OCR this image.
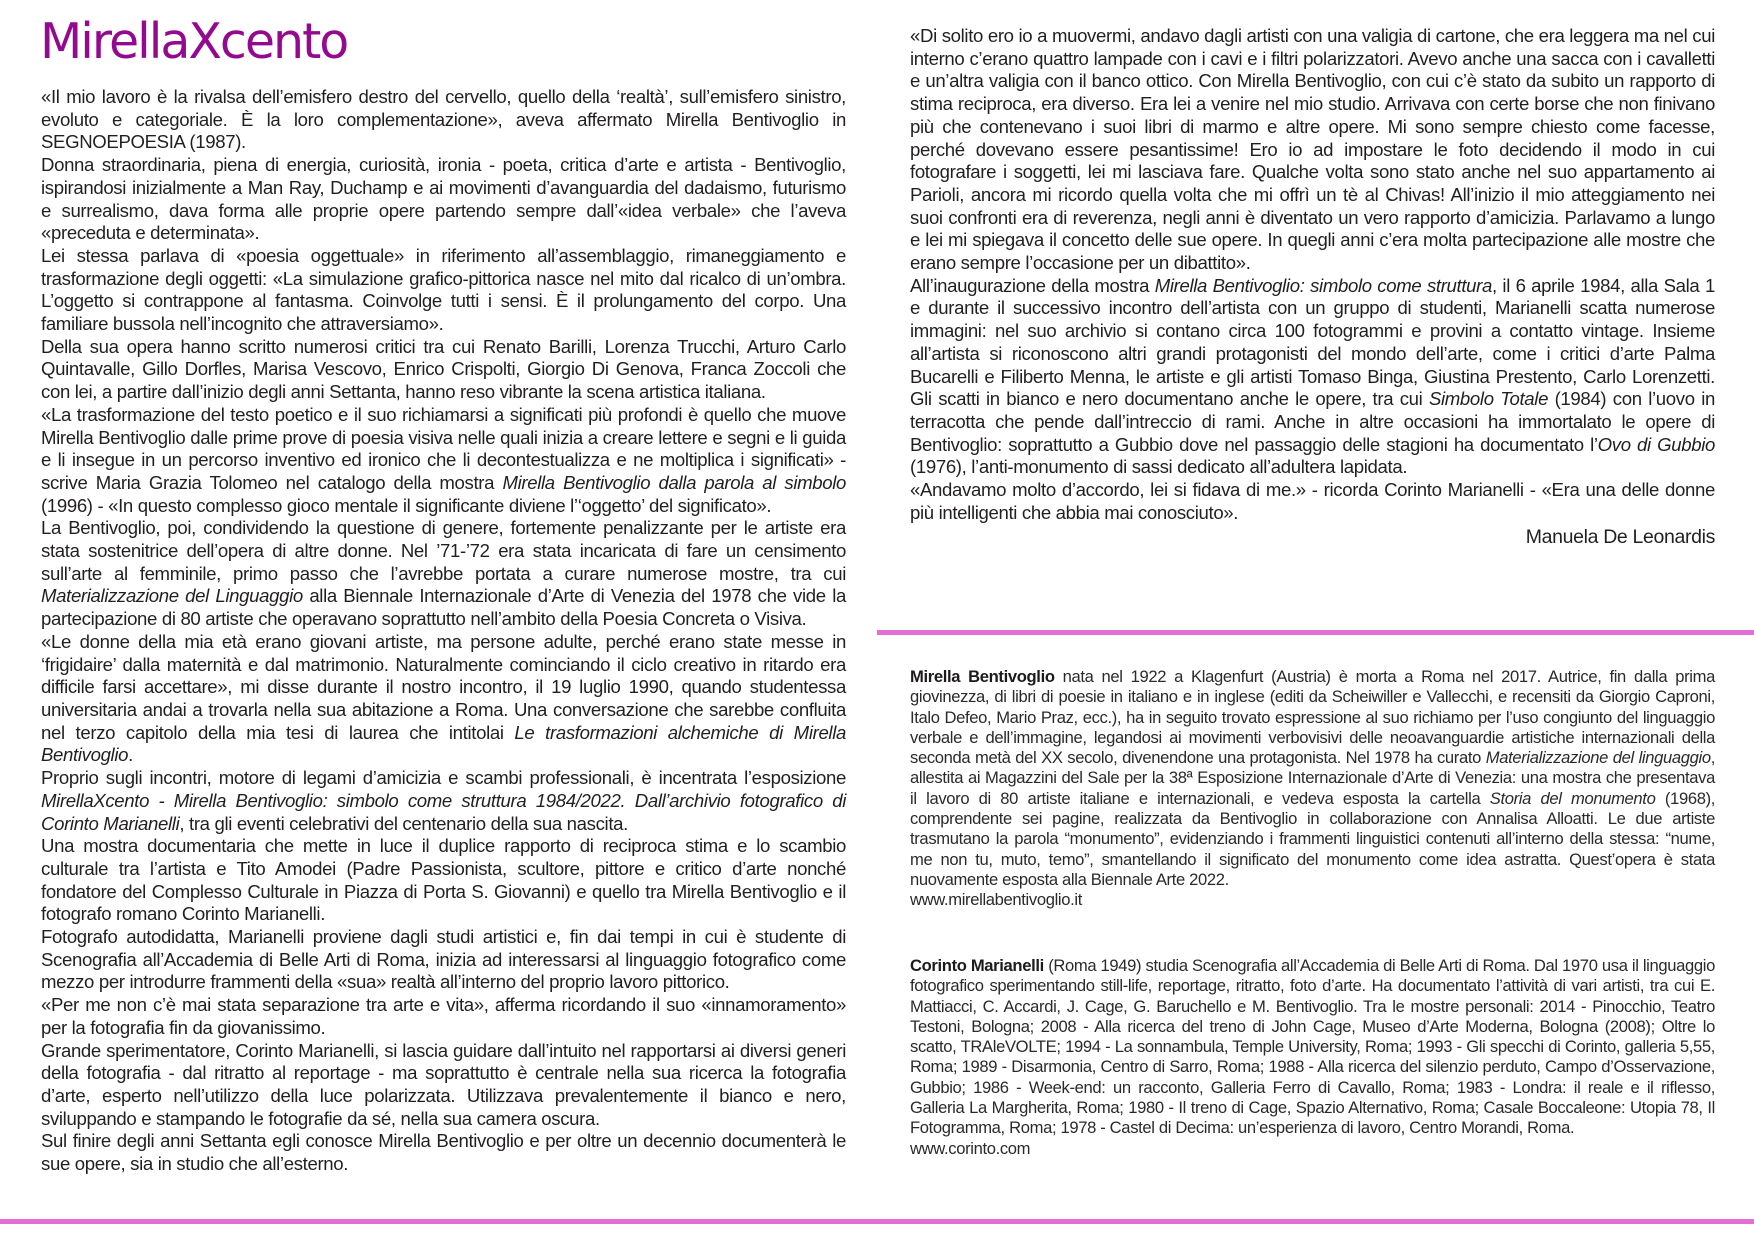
MirellaXcento

«Il mio lavoro è la rivalsa dell’emisfero destro del cervello, quello della ‘realtà’, sull’emisfero sinistro, evoluto e categoriale. È la loro complementazione», aveva affermato Mirella Bentivoglio in SEGNOEPOESIA (1987).

Donna straordinaria, piena di energia, curiosità, ironia - poeta, critica d’arte e artista - Bentivoglio, ispirandosi inizialmente a Man Ray, Duchamp e ai movimenti d’avanguardia del dadaismo, futurismo e surrealismo, dava forma alle proprie opere partendo sempre dall’«idea verbale» che l’aveva «preceduta e determinata».

Lei stessa parlava di «poesia oggettuale» in riferimento all’assemblaggio, rimaneggiamento e trasformazione degli oggetti: «La simulazione grafico-pittorica nasce nel mito dal ricalco di un’ombra. L’oggetto si contrappone al fantasma. Coinvolge tutti i sensi. È il prolungamento del corpo. Una familiare bussola nell’incognito che attraversiamo».

Della sua opera hanno scritto numerosi critici tra cui Renato Barilli, Lorenza Trucchi, Arturo Carlo Quintavalle, Gillo Dorfles, Marisa Vescovo, Enrico Crispolti, Giorgio Di Genova, Franca Zoccoli che con lei, a partire dall’inizio degli anni Settanta, hanno reso vibrante la scena artistica italiana.

«La trasformazione del testo poetico e il suo richiamarsi a significati più profondi è quello che muove Mirella Bentivoglio dalle prime prove di poesia visiva nelle quali inizia a creare lettere e segni e li guida e li insegue in un percorso inventivo ed ironico che li decontestualizza e ne moltiplica i significati» - scrive Maria Grazia Tolomeo nel catalogo della mostra Mirella Bentivoglio dalla parola al simbolo (1996) - «In questo complesso gioco mentale il significante diviene l’‘oggetto’ del significato».

La Bentivoglio, poi, condividendo la questione di genere, fortemente penalizzante per le artiste era stata sostenitrice dell’opera di altre donne. Nel ’71-’72 era stata incaricata di fare un censimento sull’arte al femminile, primo passo che l’avrebbe portata a curare numerose mostre, tra cui Materializzazione del Linguaggio alla Biennale Internazionale d’Arte di Venezia del 1978 che vide la partecipazione di 80 artiste che operavano soprattutto nell’ambito della Poesia Concreta o Visiva.

«Le donne della mia età erano giovani artiste, ma persone adulte, perché erano state messe in ‘frigidaire’ dalla maternità e dal matrimonio. Naturalmente cominciando il ciclo creativo in ritardo era difficile farsi accettare», mi disse durante il nostro incontro, il 19 luglio 1990, quando studentessa universitaria andai a trovarla nella sua abitazione a Roma. Una conversazione che sarebbe confluita nel terzo capitolo della mia tesi di laurea che intitolai Le trasformazioni alchemiche di Mirella Bentivoglio.

Proprio sugli incontri, motore di legami d’amicizia e scambi professionali, è incentrata l’esposizione MirellaXcento - Mirella Bentivoglio: simbolo come struttura 1984/2022. Dall’archivio fotografico di Corinto Marianelli, tra gli eventi celebrativi del centenario della sua nascita.

Una mostra documentaria che mette in luce il duplice rapporto di reciproca stima e lo scambio culturale tra l’artista e Tito Amodei (Padre Passionista, scultore, pittore e critico d’arte nonché fondatore del Complesso Culturale in Piazza di Porta S. Giovanni) e quello tra Mirella Bentivoglio e il fotografo romano Corinto Marianelli.

Fotografo autodidatta, Marianelli proviene dagli studi artistici e, fin dai tempi in cui è studente di Scenografia all’Accademia di Belle Arti di Roma, inizia ad interessarsi al linguaggio fotografico come mezzo per introdurre frammenti della «sua» realtà all’interno del proprio lavoro pittorico.

«Per me non c’è mai stata separazione tra arte e vita», afferma ricordando il suo «innamoramento» per la fotografia fin da giovanissimo.

Grande sperimentatore, Corinto Marianelli, si lascia guidare dall’intuito nel rapportarsi ai diversi generi della fotografia - dal ritratto al reportage - ma soprattutto è centrale nella sua ricerca la fotografia d’arte, esperto nell’utilizzo della luce polarizzata. Utilizzava prevalentemente il bianco e nero, sviluppando e stampando le fotografie da sé, nella sua camera oscura.

Sul finire degli anni Settanta egli conosce Mirella Bentivoglio e per oltre un decennio documenterà le sue opere, sia in studio che all’esterno.

«Di solito ero io a muovermi, andavo dagli artisti con una valigia di cartone, che era leggera ma nel cui interno c’erano quattro lampade con i cavi e i filtri polarizzatori. Avevo anche una sacca con i cavalletti e un’altra valigia con il banco ottico. Con Mirella Bentivoglio, con cui c’è stato da subito un rapporto di stima reciproca, era diverso. Era lei a venire nel mio studio. Arrivava con certe borse che non finivano più che contenevano i suoi libri di marmo e altre opere. Mi sono sempre chiesto come facesse, perché dovevano essere pesantissime! Ero io ad impostare le foto decidendo il modo in cui fotografare i soggetti, lei mi lasciava fare. Qualche volta sono stato anche nel suo appartamento ai Parioli, ancora mi ricordo quella volta che mi offrì un tè al Chivas! All’inizio il mio atteggiamento nei suoi confronti era di reverenza, negli anni è diventato un vero rapporto d’amicizia. Parlavamo a lungo e lei mi spiegava il concetto delle sue opere. In quegli anni c’era molta partecipazione alle mostre che erano sempre l’occasione per un dibattito».

All’inaugurazione della mostra Mirella Bentivoglio: simbolo come struttura, il 6 aprile 1984, alla Sala 1 e durante il successivo incontro dell’artista con un gruppo di studenti, Marianelli scatta numerose immagini: nel suo archivio si contano circa 100 fotogrammi e provini a contatto vintage. Insieme all’artista si riconoscono altri grandi protagonisti del mondo dell’arte, come i critici d’arte Palma Bucarelli e Filiberto Menna, le artiste e gli artisti Tomaso Binga, Giustina Prestento, Carlo Lorenzetti. Gli scatti in bianco e nero documentano anche le opere, tra cui Simbolo Totale (1984) con l’uovo in terracotta che pende dall’intreccio di rami. Anche in altre occasioni ha immortalato le opere di Bentivoglio: soprattutto a Gubbio dove nel passaggio delle stagioni ha documentato l’Ovo di Gubbio (1976), l’anti-monumento di sassi dedicato all’adultera lapidata.

«Andavamo molto d’accordo, lei si fidava di me.» - ricorda Corinto Marianelli - «Era una delle donne più intelligenti che abbia mai conosciuto».

Manuela De Leonardis

Mirella Bentivoglio nata nel 1922 a Klagenfurt (Austria) è morta a Roma nel 2017. Autrice, fin dalla prima giovinezza, di libri di poesie in italiano e in inglese (editi da Scheiwiller e Vallecchi, e recensiti da Giorgio Caproni, Italo Defeo, Mario Praz, ecc.), ha in seguito trovato espressione al suo richiamo per l’uso congiunto del linguaggio verbale e dell’immagine, legandosi ai movimenti verbovisivi delle neoavanguardie artistiche internazionali della seconda metà del XX secolo, divenendone una protagonista. Nel 1978 ha curato Materializzazione del linguaggio, allestita ai Magazzini del Sale per la 38ª Esposizione Internazionale d’Arte di Venezia: una mostra che presentava il lavoro di 80 artiste italiane e internazionali, e vedeva esposta la cartella Storia del monumento (1968), comprendente sei pagine, realizzata da Bentivoglio in collaborazione con Annalisa Alloatti. Le due artiste trasmutano la parola “monumento”, evidenziando i frammenti linguistici contenuti all’interno della stessa: “nume, me non tu, muto, temo”, smantellando il significato del monumento come idea astratta. Quest’opera è stata nuovamente esposta alla Biennale Arte 2022.

www.mirellabentivoglio.it

Corinto Marianelli (Roma 1949) studia Scenografia all’Accademia di Belle Arti di Roma. Dal 1970 usa il linguaggio fotografico sperimentando still-life, reportage, ritratto, foto d’arte. Ha documentato l’attività di vari artisti, tra cui E. Mattiacci, C. Accardi, J. Cage, G. Baruchello e M. Bentivoglio. Tra le mostre personali: 2014 - Pinocchio, Teatro Testoni, Bologna; 2008 - Alla ricerca del treno di John Cage, Museo d’Arte Moderna, Bologna (2008); Oltre lo scatto, TRAleVOLTE; 1994 - La sonnambula, Temple University, Roma; 1993 - Gli specchi di Corinto, galleria 5,55, Roma; 1989 - Disarmonia, Centro di Sarro, Roma; 1988 - Alla ricerca del silenzio perduto, Campo d’Osservazione, Gubbio; 1986 - Week-end: un racconto, Galleria Ferro di Cavallo, Roma; 1983 - Londra: il reale e il riflesso, Galleria La Margherita, Roma; 1980 - Il treno di Cage, Spazio Alternativo, Roma; Casale Boccaleone: Utopia 78, Il Fotogramma, Roma; 1978 - Castel di Decima: un’esperienza di lavoro, Centro Morandi, Roma.

www.corinto.com
